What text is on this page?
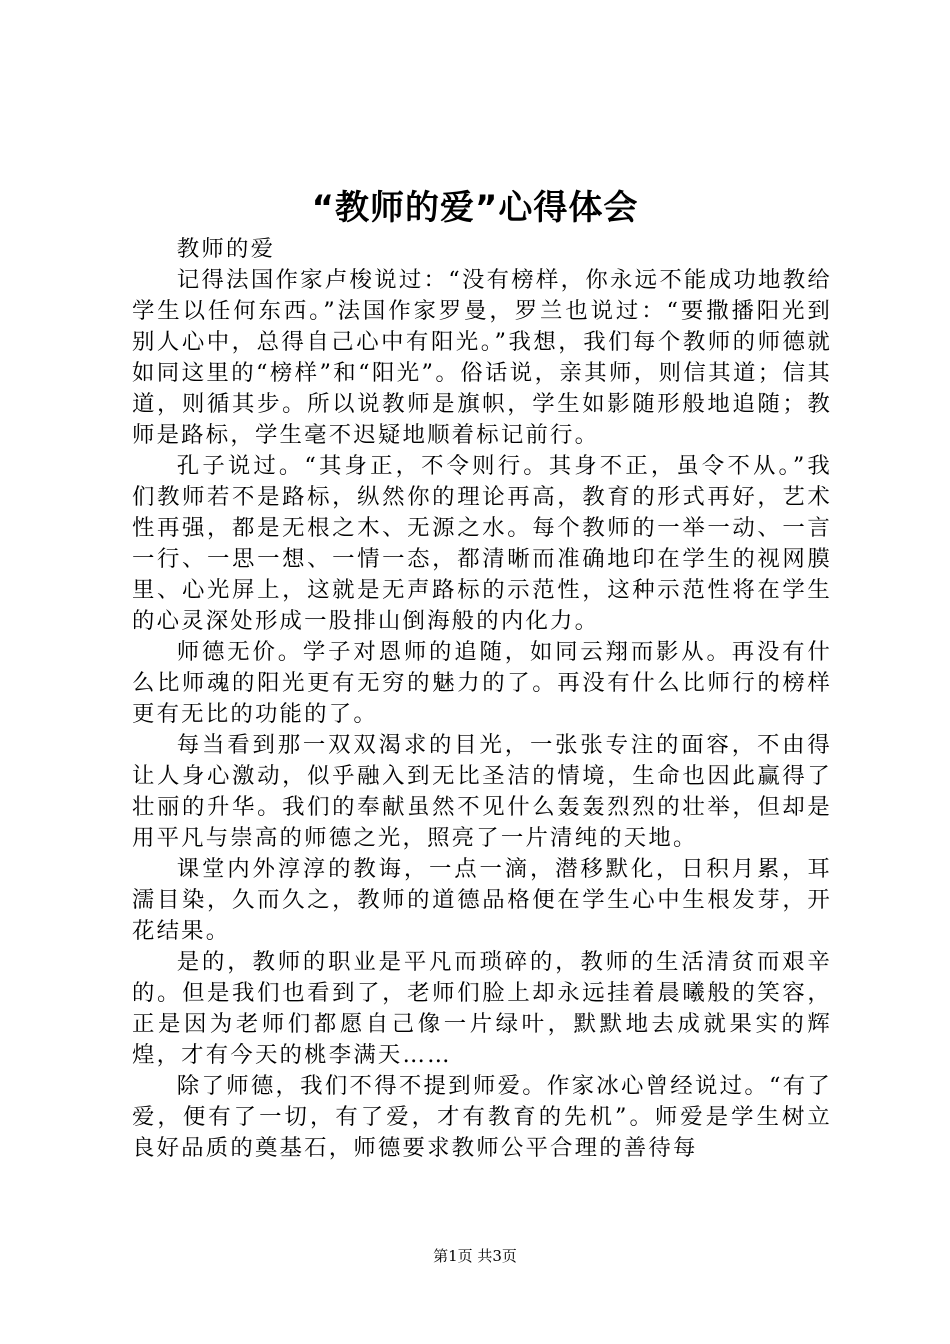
“教师的爱”心得体会

教师的爱

记得法国作家卢梭说过：“没有榜样，你永远不能成功地教给学生以任何东西。”法国作家罗曼，罗兰也说过：“要撒播阳光到别人心中，总得自己心中有阳光。”我想，我们每个教师的师德就如同这里的“榜样”和“阳光”。俗话说，亲其师，则信其道；信其道，则循其步。所以说教师是旗帜，学生如影随形般地追随；教师是路标，学生毫不迟疑地顺着标记前行。

孔子说过。“其身正，不令则行。其身不正，虽令不从。”我们教师若不是路标，纵然你的理论再高，教育的形式再好，艺术性再强，都是无根之木、无源之水。每个教师的一举一动、一言一行、一思一想、一情一态，都清晰而准确地印在学生的视网膜里、心光屏上，这就是无声路标的示范性，这种示范性将在学生的心灵深处形成一股排山倒海般的内化力。

师德无价。学子对恩师的追随，如同云翔而影从。再没有什么比师魂的阳光更有无穷的魅力的了。再没有什么比师行的榜样更有无比的功能的了。

每当看到那一双双渴求的目光，一张张专注的面容，不由得让人身心激动，似乎融入到无比圣洁的情境，生命也因此赢得了壮丽的升华。我们的奉献虽然不见什么轰轰烈烈的壮举，但却是用平凡与崇高的师德之光，照亮了一片清纯的天地。

课堂内外淳淳的教诲，一点一滴，潜移默化，日积月累，耳濡目染，久而久之，教师的道德品格便在学生心中生根发芽，开花结果。

是的，教师的职业是平凡而琐碎的，教师的生活清贫而艰辛的。但是我们也看到了，老师们脸上却永远挂着晨曦般的笑容，正是因为老师们都愿自己像一片绿叶，默默地去成就果实的辉煌，才有今天的桃李满天……

除了师德，我们不得不提到师爱。作家冰心曾经说过。“有了爱，便有了一切，有了爱，才有教育的先机”。师爱是学生树立良好品质的奠基石，师德要求教师公平合理的善待每

第1页 共3页
